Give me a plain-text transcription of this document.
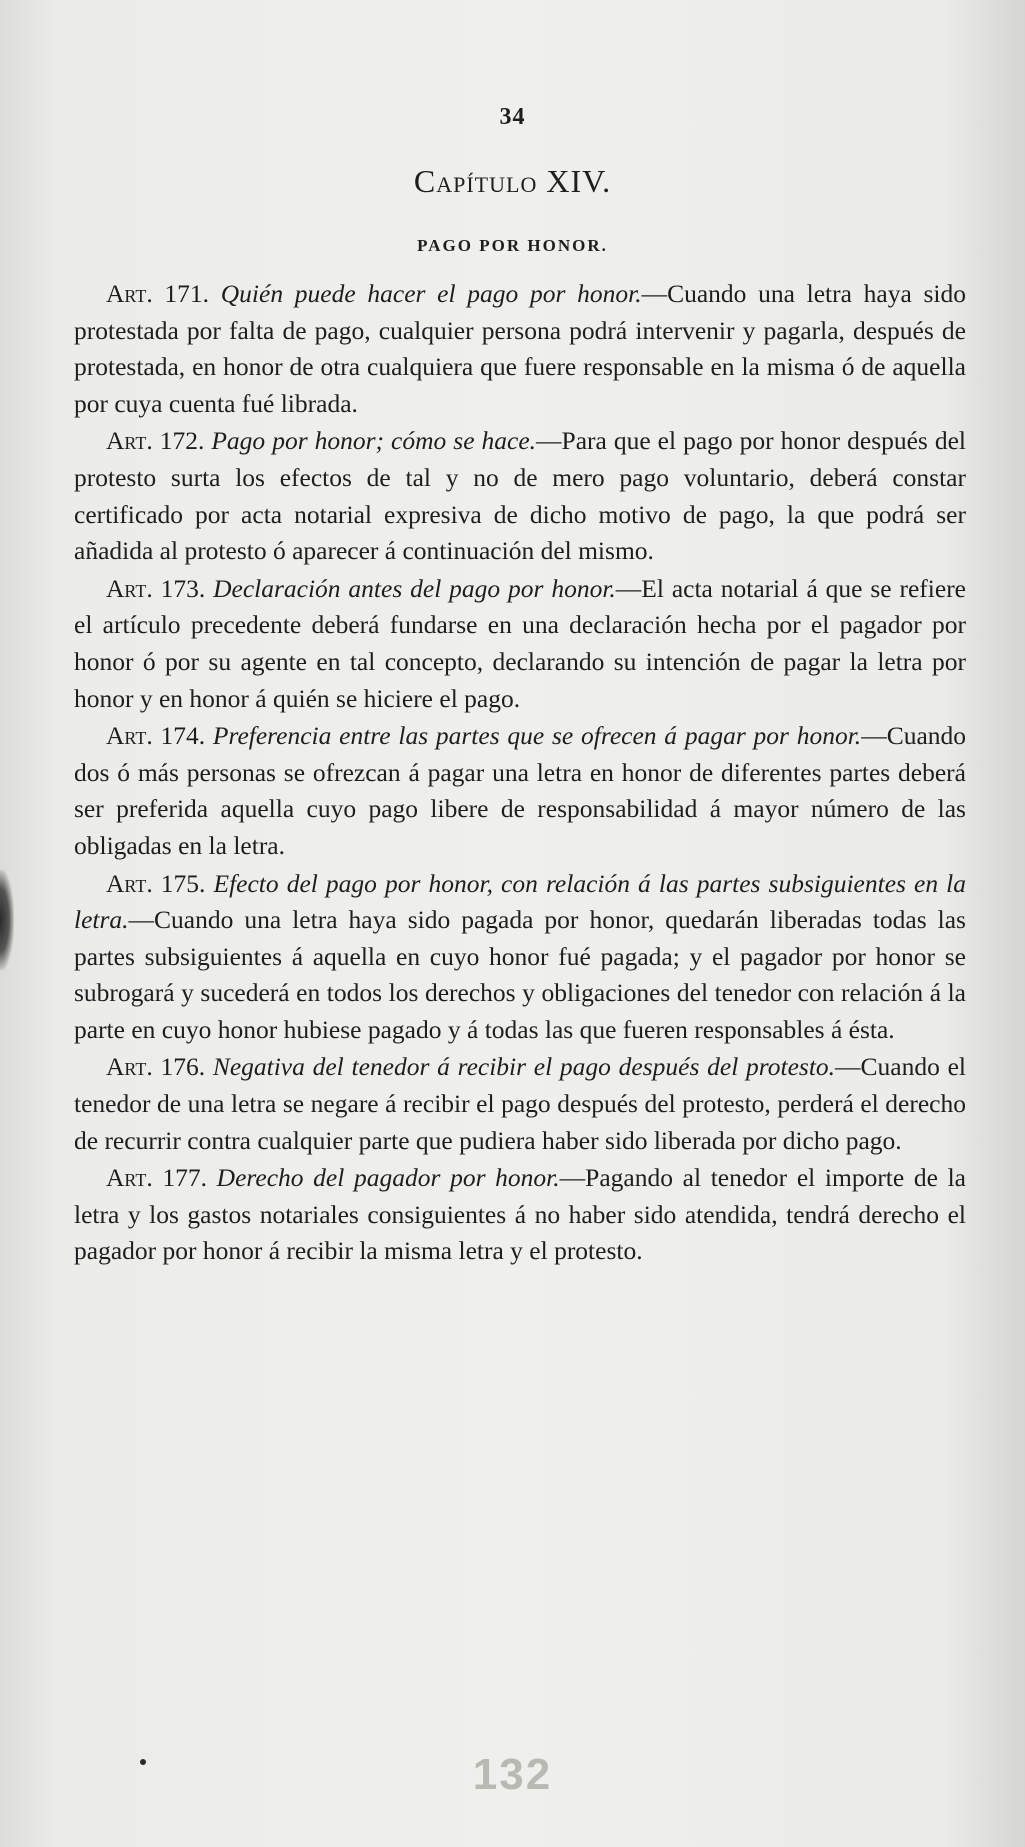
34
Capítulo XIV.
PAGO POR HONOR.

Art. 171. Quién puede hacer el pago por honor.—Cuando una letra haya sido protestada por falta de pago, cualquier persona podrá intervenir y pagarla, después de protestada, en honor de otra cualquiera que fuere responsable en la misma ó de aquella por cuya cuenta fué librada.

Art. 172. Pago por honor; cómo se hace.—Para que el pago por honor después del protesto surta los efectos de tal y no de mero pago voluntario, deberá constar certificado por acta notarial expresiva de dicho motivo de pago, la que podrá ser añadida al protesto ó aparecer á continuación del mismo.

Art. 173. Declaración antes del pago por honor.—El acta notarial á que se refiere el artículo precedente deberá fundarse en una declaración hecha por el pagador por honor ó por su agente en tal concepto, declarando su intención de pagar la letra por honor y en honor á quién se hiciere el pago.

Art. 174. Preferencia entre las partes que se ofrecen á pagar por honor.—Cuando dos ó más personas se ofrezcan á pagar una letra en honor de diferentes partes deberá ser preferida aquella cuyo pago libere de responsabilidad á mayor número de las obligadas en la letra.

Art. 175. Efecto del pago por honor, con relación á las partes subsiguientes en la letra.—Cuando una letra haya sido pagada por honor, quedarán liberadas todas las partes subsiguientes á aquella en cuyo honor fué pagada; y el pagador por honor se subrogará y sucederá en todos los derechos y obligaciones del tenedor con relación á la parte en cuyo honor hubiese pagado y á todas las que fueren responsables á ésta.

Art. 176. Negativa del tenedor á recibir el pago después del protesto.—Cuando el tenedor de una letra se negare á recibir el pago después del protesto, perderá el derecho de recurrir contra cualquier parte que pudiera haber sido liberada por dicho pago.

Art. 177. Derecho del pagador por honor.—Pagando al tenedor el importe de la letra y los gastos notariales consiguientes á no haber sido atendida, tendrá derecho el pagador por honor á recibir la misma letra y el protesto.

132
